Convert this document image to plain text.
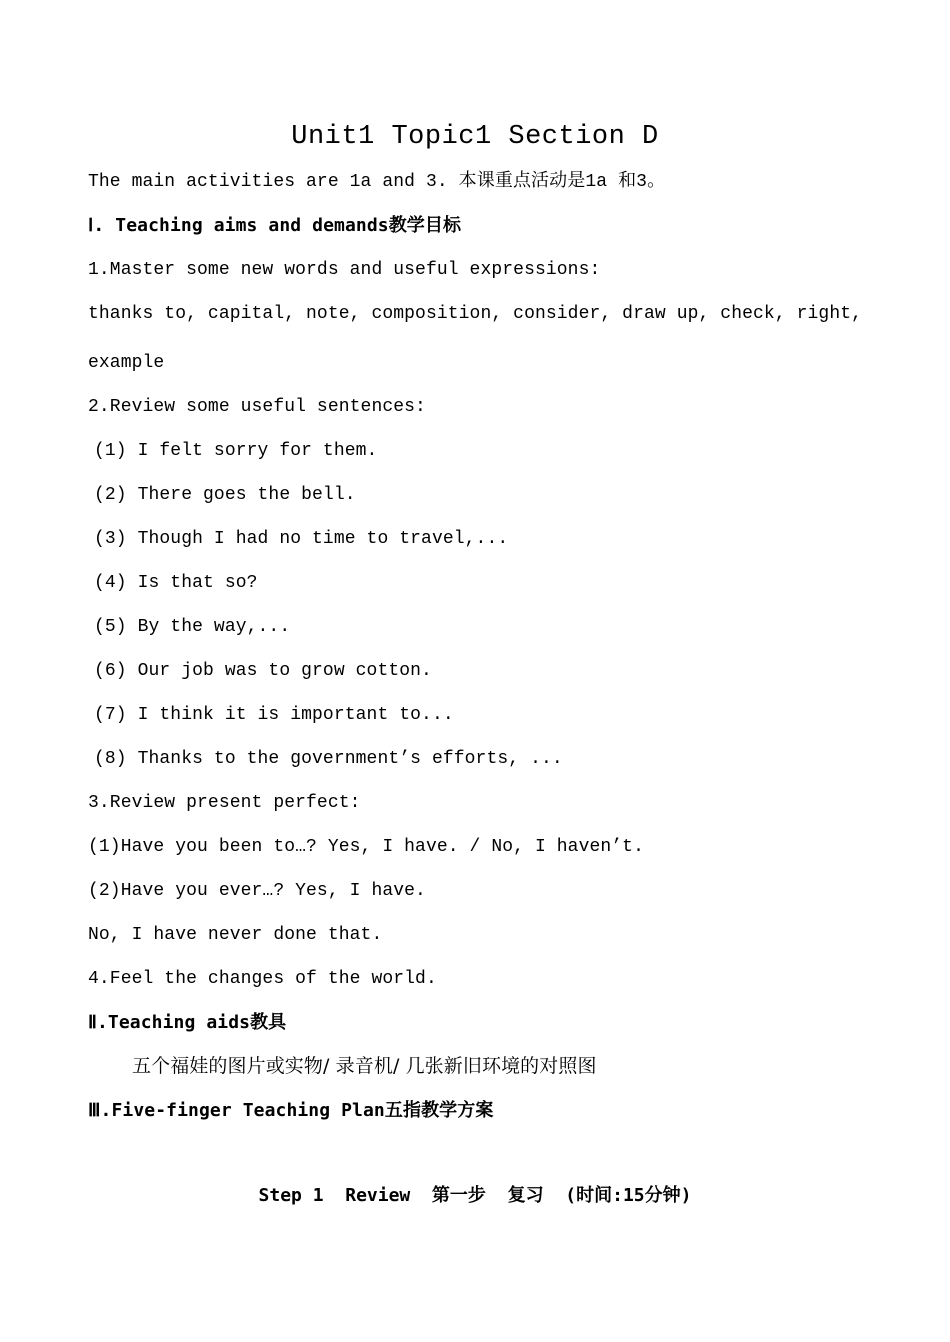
Unit1 Topic1 Section D
The main activities are 1a and 3. 本课重点活动是1a 和3。
Ⅰ. Teaching aims and demands教学目标
1.Master some new words and useful expressions:
thanks to, capital, note, composition, consider, draw up, check, right,
example
2.Review some useful sentences:
(1) I felt sorry for them.
(2) There goes the bell.
(3) Though I had no time to travel,...
(4) Is that so?
(5) By the way,...
(6) Our job was to grow cotton.
(7) I think it is important to...
(8) Thanks to the government’s efforts, ...
3.Review present perfect:
(1)Have you been to…? Yes, I have. / No, I haven’t.
(2)Have you ever…? Yes, I have.
No, I have never done that.
4.Feel the changes of the world.
Ⅱ.Teaching aids教具
五个福娃的图片或实物/ 录音机/ 几张新旧环境的对照图
Ⅲ.Five-finger Teaching Plan五指教学方案
Step 1  Review  第一步  复习  (时间:15分钟)
